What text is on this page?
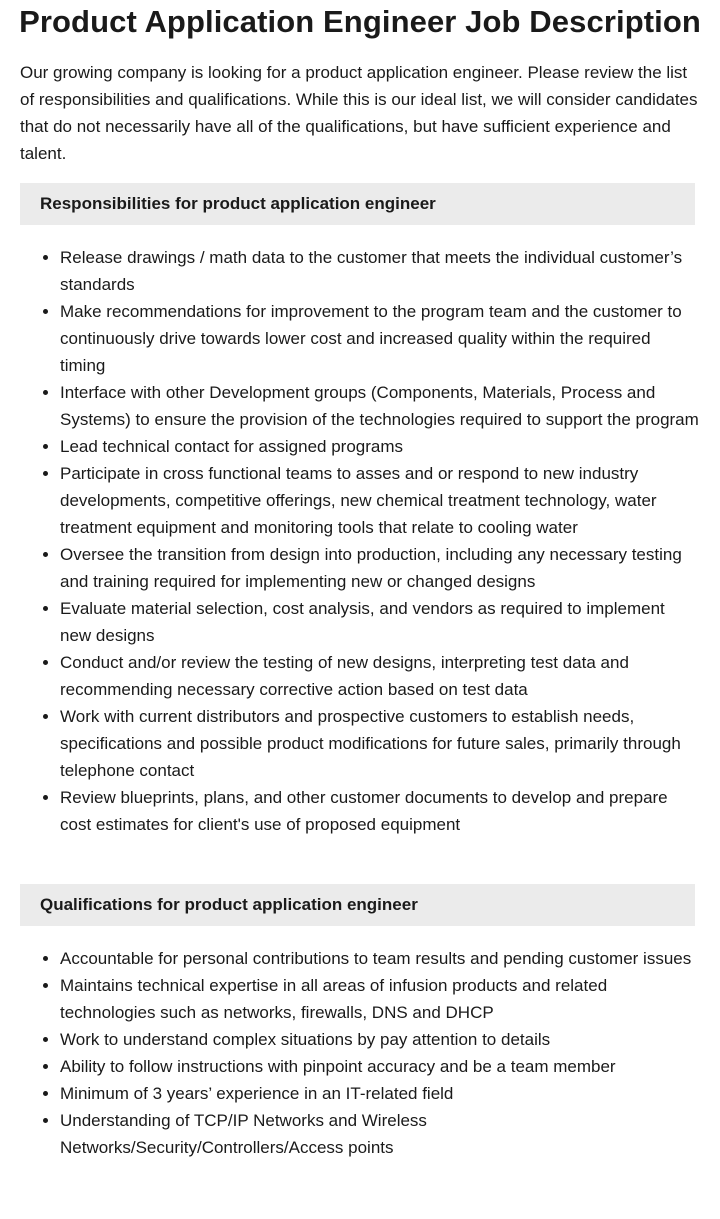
Product Application Engineer Job Description

Our growing company is looking for a product application engineer. Please review the list of responsibilities and qualifications. While this is our ideal list, we will consider candidates that do not necessarily have all of the qualifications, but have sufficient experience and talent.

Responsibilities for product application engineer
• Release drawings / math data to the customer that meets the individual customer’s standards
• Make recommendations for improvement to the program team and the customer to continuously drive towards lower cost and increased quality within the required timing
• Interface with other Development groups (Components, Materials, Process and Systems) to ensure the provision of the technologies required to support the program
• Lead technical contact for assigned programs
• Participate in cross functional teams to asses and or respond to new industry developments, competitive offerings, new chemical treatment technology, water treatment equipment and monitoring tools that relate to cooling water
• Oversee the transition from design into production, including any necessary testing and training required for implementing new or changed designs
• Evaluate material selection, cost analysis, and vendors as required to implement new designs
• Conduct and/or review the testing of new designs, interpreting test data and recommending necessary corrective action based on test data
• Work with current distributors and prospective customers to establish needs, specifications and possible product modifications for future sales, primarily through telephone contact
• Review blueprints, plans, and other customer documents to develop and prepare cost estimates for client's use of proposed equipment
Qualifications for product application engineer
• Accountable for personal contributions to team results and pending customer issues
• Maintains technical expertise in all areas of infusion products and related technologies such as networks, firewalls, DNS and DHCP
• Work to understand complex situations by pay attention to details
• Ability to follow instructions with pinpoint accuracy and be a team member
• Minimum of 3 years’ experience in an IT-related field
• Understanding of TCP/IP Networks and Wireless Networks/Security/Controllers/Access points
